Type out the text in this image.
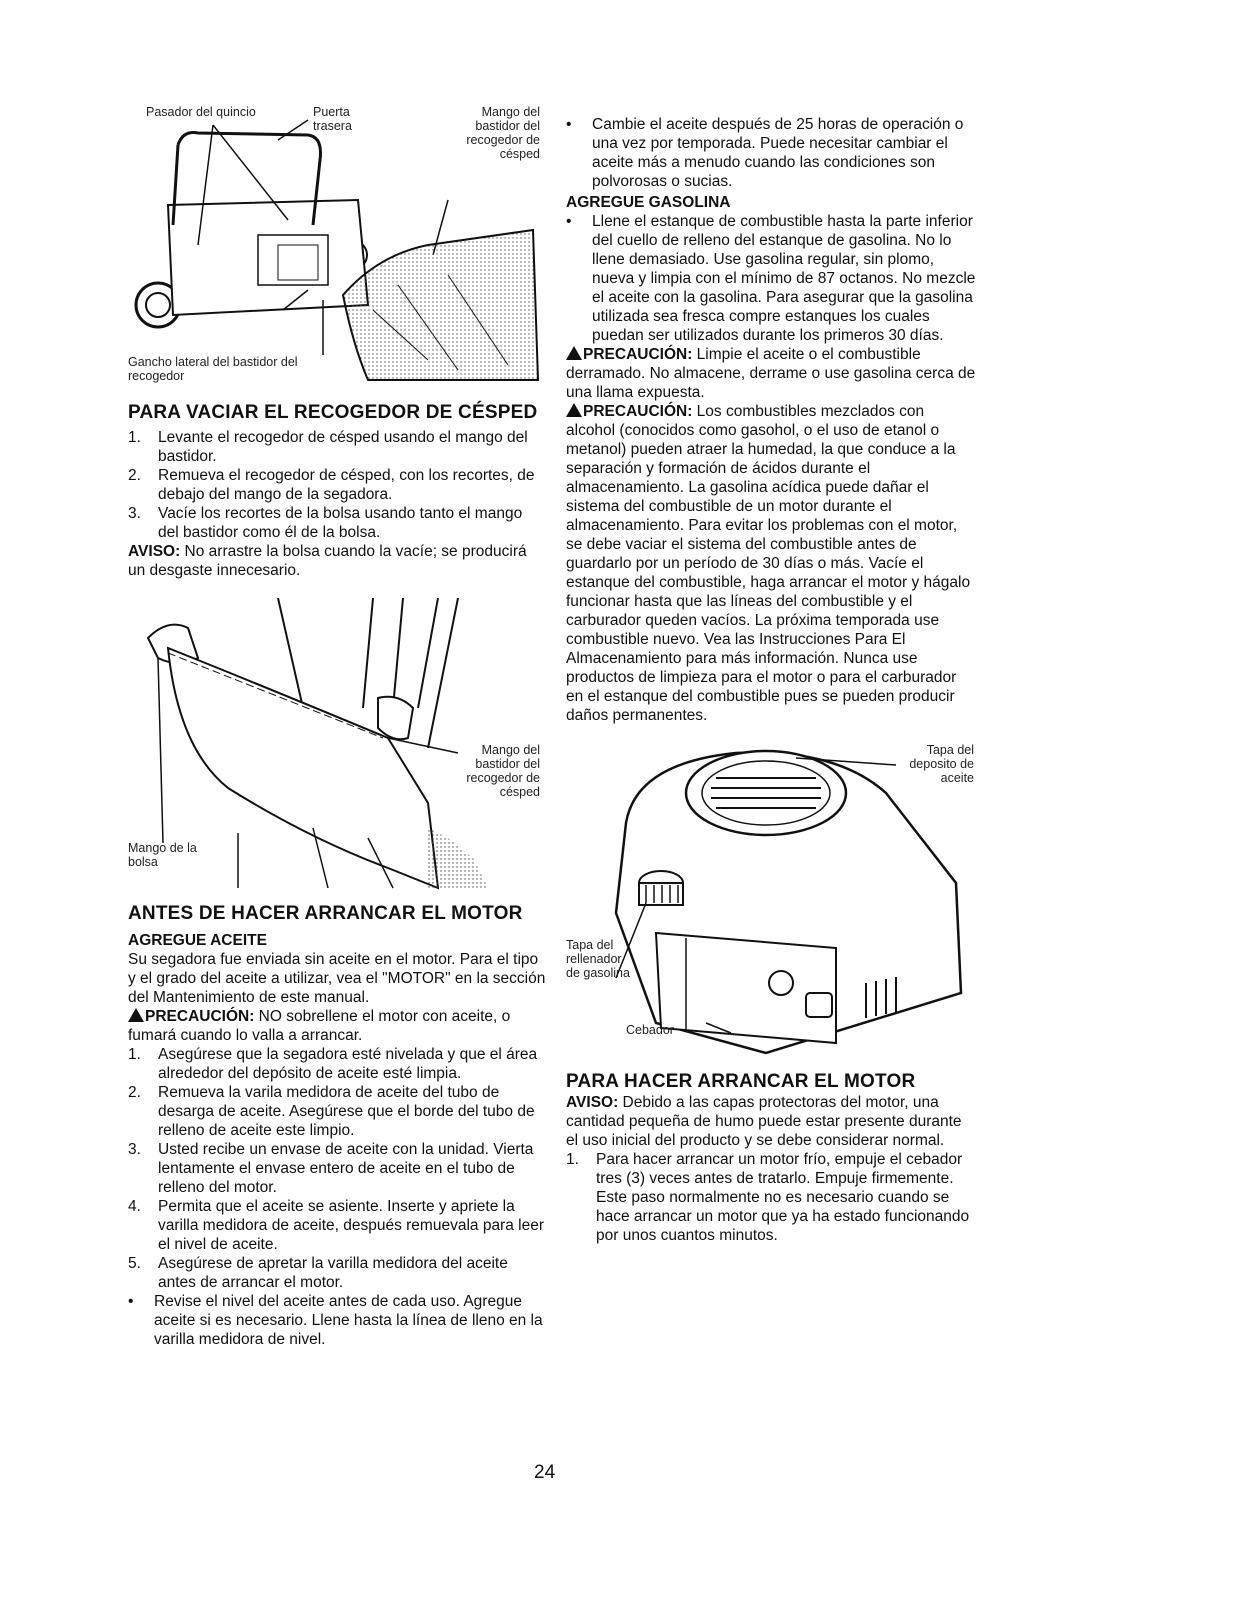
Pasador del quincio	Puerta trasera
Mango del bastidor del recogedor de césped
Gancho lateral del bastidor del recogedor
PARA VACIAR EL RECOGEDOR DE CÉSPED
1. Levante el recogedor de césped usando el mango del bastidor.
2. Remueva el recogedor de césped, con los recortes, de debajo del mango de la segadora.
3. Vacíe los recortes de la bolsa usando tanto el mango del bastidor como él de la bolsa.

AVISO: No arrastre la bolsa cuando la vacíe; se producirá un desgaste innecesario.

Mango del bastidor del recogedor de césped
Mango de la bolsa
ANTES DE HACER ARRANCAR EL MOTOR
AGREGUE ACEITE

Su segadora fue enviada sin aceite en el motor. Para el tipo y el grado del aceite a utilizar, vea el "MOTOR" en la sección del Mantenimiento de este manual.

PRECAUCIÓN: NO sobrellene el motor con aceite, o fumará cuando lo valla a arrancar.

1. Asegúrese que la segadora esté nivelada y que el área alrededor del depósito de aceite esté limpia.
2. Remueva la varila medidora de aceite del tubo de desarga de aceite. Asegúrese que el borde del tubo de relleno de aceite este limpio.
3. Usted recibe un envase de aceite con la unidad. Vierta lentamente el envase entero de aceite en el tubo de relleno del motor.
4. Permita que el aceite se asiente. Inserte y apriete la varilla medidora de aceite, después remuevala para leer el nivel de aceite.
5. Asegúrese de apretar la varilla medidora del aceite antes de arrancar el motor.
• Revise el nivel del aceite antes de cada uso. Agregue aceite si es necesario. Llene hasta la línea de lleno en la varilla medidora de nivel.
• Cambie el aceite después de 25 horas de operación o una vez por temporada. Puede necesitar cambiar el aceite más a menudo cuando las condiciones son polvorosas o sucias.
AGREGUE GASOLINA
• Llene el estanque de combustible hasta la parte inferior del cuello de relleno del estanque de gasolina. No lo llene demasiado. Use gasolina regular, sin plomo, nueva y limpia con el mínimo de 87 octanos. No mezcle el aceite con la gasolina. Para asegurar que la gasolina utilizada sea fresca compre estanques los cuales puedan ser utilizados durante los primeros 30 días.

PRECAUCIÓN: Limpie el aceite o el combustible derramado. No almacene, derrame o use gasolina cerca de una llama expuesta.

PRECAUCIÓN: Los combustibles mezclados con alcohol (conocidos como gasohol, o el uso de etanol o metanol) pueden atraer la humedad, la que conduce a la separación y formación de ácidos durante el almacenamiento. La gasolina acídica puede dañar el sistema del combustible de un motor durante el almacenamiento. Para evitar los problemas con el motor, se debe vaciar el sistema del combustible antes de guardarlo por un período de 30 días o más. Vacíe el estanque del combustible, haga arrancar el motor y hágalo funcionar hasta que las líneas del combustible y el carburador queden vacíos. La próxima temporada use combustible nuevo. Vea las Instrucciones Para El Almacenamiento para más información. Nunca use productos de limpieza para el motor o para el carburador en el estanque del combustible pues se pueden producir daños permanentes.

Tapa del deposito de aceite
Tapa del rellenador de gasolina
Cebador
PARA HACER ARRANCAR EL MOTOR

AVISO: Debido a las capas protectoras del motor, una cantidad pequeña de humo puede estar presente durante el uso inicial del producto y se debe considerar normal.

1. Para hacer arrancar un motor frío, empuje el cebador tres (3) veces antes de tratarlo. Empuje firmemente. Este paso normalmente no es necesario cuando se hace arrancar un motor que ya ha estado funcionando por unos cuantos minutos.
24
